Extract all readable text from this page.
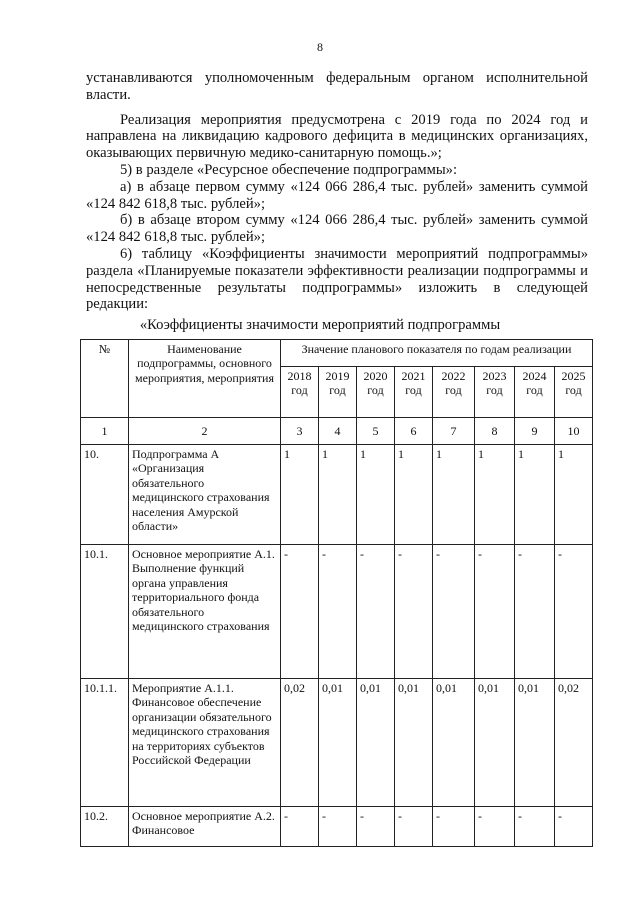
8

устанавливаются уполномоченным федеральным органом исполнительной власти.

Реализация мероприятия предусмотрена с 2019 года по 2024 год и направлена на ликвидацию кадрового дефицита в медицинских организациях, оказывающих первичную медико-санитарную помощь.»;

5) в разделе «Ресурсное обеспечение подпрограммы»:

а) в абзаце первом сумму «124 066 286,4 тыс. рублей» заменить суммой «124 842 618,8 тыс. рублей»;

б) в абзаце втором сумму «124 066 286,4 тыс. рублей» заменить суммой «124 842 618,8 тыс. рублей»;

6) таблицу «Коэффициенты значимости мероприятий подпрограммы» раздела «Планируемые показатели эффективности реализации подпрограммы и непосредственные результаты подпрограммы» изложить в следующей редакции:

«Коэффициенты значимости мероприятий подпрограммы
№	Наименование подпрограммы, основного мероприятия, мероприятия	Значение планового показателя по годам реализации							
		2018 год	2019 год	2020 год	2021 год	2022 год	2023 год	2024 год	2025 год
1	2	3	4	5	6	7	8	9	10
10.	Подпрограмма А «Организация обязательного медицинского страхования населения Амурской области»	1	1	1	1	1	1	1	1
10.1.	Основное мероприятие А.1. Выполнение функций органа управления территориального фонда обязательного медицинского страхования	-	-	-	-	-	-	-	-
10.1.1.	Мероприятие А.1.1. Финансовое обеспечение организации обязательного медицинского страхования на территориях субъектов Российской Федерации	0,02	0,01	0,01	0,01	0,01	0,01	0,01	0,02
10.2.	Основное мероприятие А.2. Финансовое	-	-	-	-	-	-	-	-
